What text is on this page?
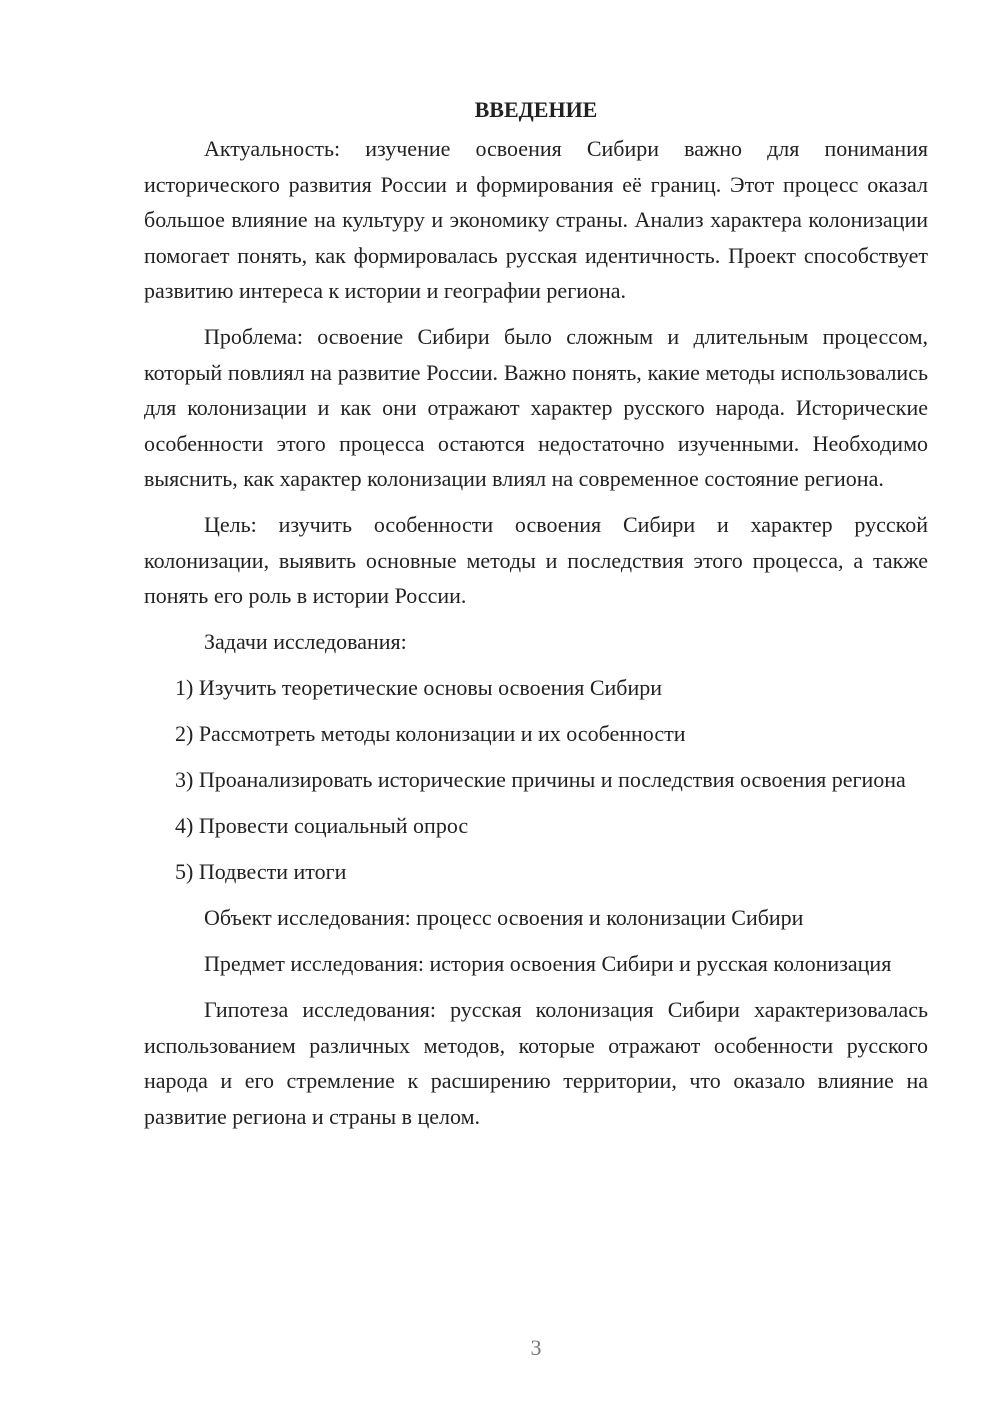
ВВЕДЕНИЕ

Актуальность: изучение освоения Сибири важно для понимания исторического развития России и формирования её границ. Этот процесс оказал большое влияние на культуру и экономику страны. Анализ характера колонизации помогает понять, как формировалась русская идентичность. Проект способствует развитию интереса к истории и географии региона.

Проблема: освоение Сибири было сложным и длительным процессом, который повлиял на развитие России. Важно понять, какие методы использовались для колонизации и как они отражают характер русского народа. Исторические особенности этого процесса остаются недостаточно изученными. Необходимо выяснить, как характер колонизации влиял на современное состояние региона.

Цель: изучить особенности освоения Сибири и характер русской колонизации, выявить основные методы и последствия этого процесса, а также понять его роль в истории России.

Задачи исследования:

1) Изучить теоретические основы освоения Сибири

2) Рассмотреть методы колонизации и их особенности

3) Проанализировать исторические причины и последствия освоения региона

4) Провести социальный опрос

5) Подвести итоги

Объект исследования: процесс освоения и колонизации Сибири

Предмет исследования: история освоения Сибири и русская колонизация

Гипотеза исследования: русская колонизация Сибири характеризовалась использованием различных методов, которые отражают особенности русского народа и его стремление к расширению территории, что оказало влияние на развитие региона и страны в целом.

3
